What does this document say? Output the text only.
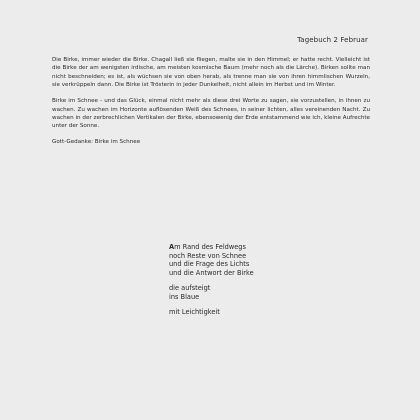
Tagebuch 2 Februar

Die Birke, immer wieder die Birke. Chagall ließ sie fliegen, malte sie in den Himmel; er hatte recht. Vielleicht ist die Birke der am wenigsten irdische, am meisten kosmische Baum (mehr noch als die Lärche). Birken sollte man nicht beschneiden; es ist, als wüchsen sie von oben herab, als trenne man sie von ihren himmlischen Wurzeln, sie verkrüppeln dann. Die Birke ist Trösterin in jeder Dunkelheit, nicht allein im Herbst und im Winter.

Birke im Schnee - und das Glück, einmal nicht mehr als diese drei Worte zu sagen, sie vorzustellen, in ihnen zu wachen. Zu wachen im Horizonte auflösenden Weiß des Schnees, in seiner lichten, alles vereinenden Nacht. Zu wachen in der zerbrechlichen Vertikalen der Birke, ebensowenig der Erde entstammend wie ich, kleine Aufrechte unter der Sonne.

Gott-Gedanke: Birke im Schnee

Am Rand des Feldwegs
noch Reste von Schnee
und die Frage des Lichts
und die Antwort der Birke
die aufsteigt
ins Blaue
mit Leichtigkeit
